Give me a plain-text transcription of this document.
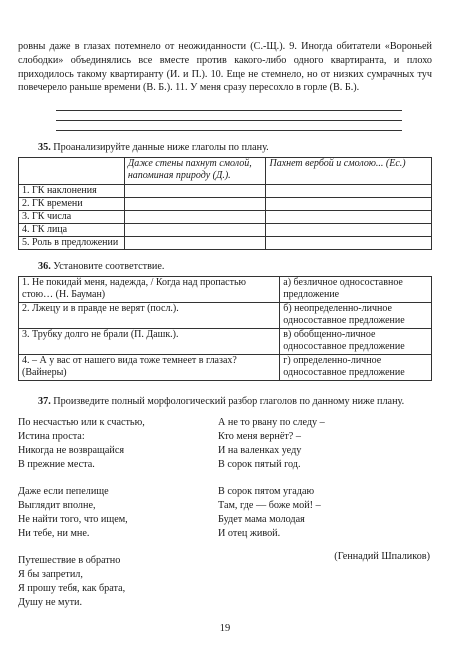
ровны даже в глазах потемнело от неожиданности (С.-Щ.). 9. Иногда обитатели «Вороньей слободки» объединялись все вместе против какого-либо одного квартиранта, и плохо приходилось такому квартиранту (И. и П.). 10. Еще не стемнело, но от низких сумрачных туч повечерело раньше времени (В. Б.). 11. У меня сразу пересохло в горле (В. Б.).

35. Проанализируйте данные ниже глаголы по плану.
	Даже стены пахнут смолой, напоминая природу (Д.).	Пахнет вербой и смолою... (Ес.)
1. ГК наклонения		
2. ГК времени		
3. ГК числа		
4. ГК лица		
5. Роль в предложении		
36. Установите соответствие.
1. Не покидай меня, надежда, / Когда над пропастью стою… (Н. Бауман)	а) безличное односоставное предложение
2. Лжецу и в правде не верят (посл.).	б) неопределенно-личное односоставное предложение
3. Трубку долго не брали (П. Дашк.).	в) обобщенно-личное односоставное предложение
4. – А у вас от нашего вида тоже темнеет в глазах? (Вайнеры)	г) определенно-личное односоставное предложение
37. Произведите полный морфологический разбор глаголов по данному ниже плану.
По несчастью или к счастью,
Истина проста:
Никогда не возвращайся
В прежние места.
Даже если пепелище
Выглядит вполне,
Не найти того, что ищем,
Ни тебе, ни мне.
Путешествие в обратно
Я бы запретил,
Я прошу тебя, как брата,
Душу не мути.
А не то рвану по следу –
Кто меня вернёт? –
И на валенках уеду
В сорок пятый год.
В сорок пятом угадаю
Там, где — боже мой! –
Будет мама молодая
И отец живой.
(Геннадий Шпаликов)
19
